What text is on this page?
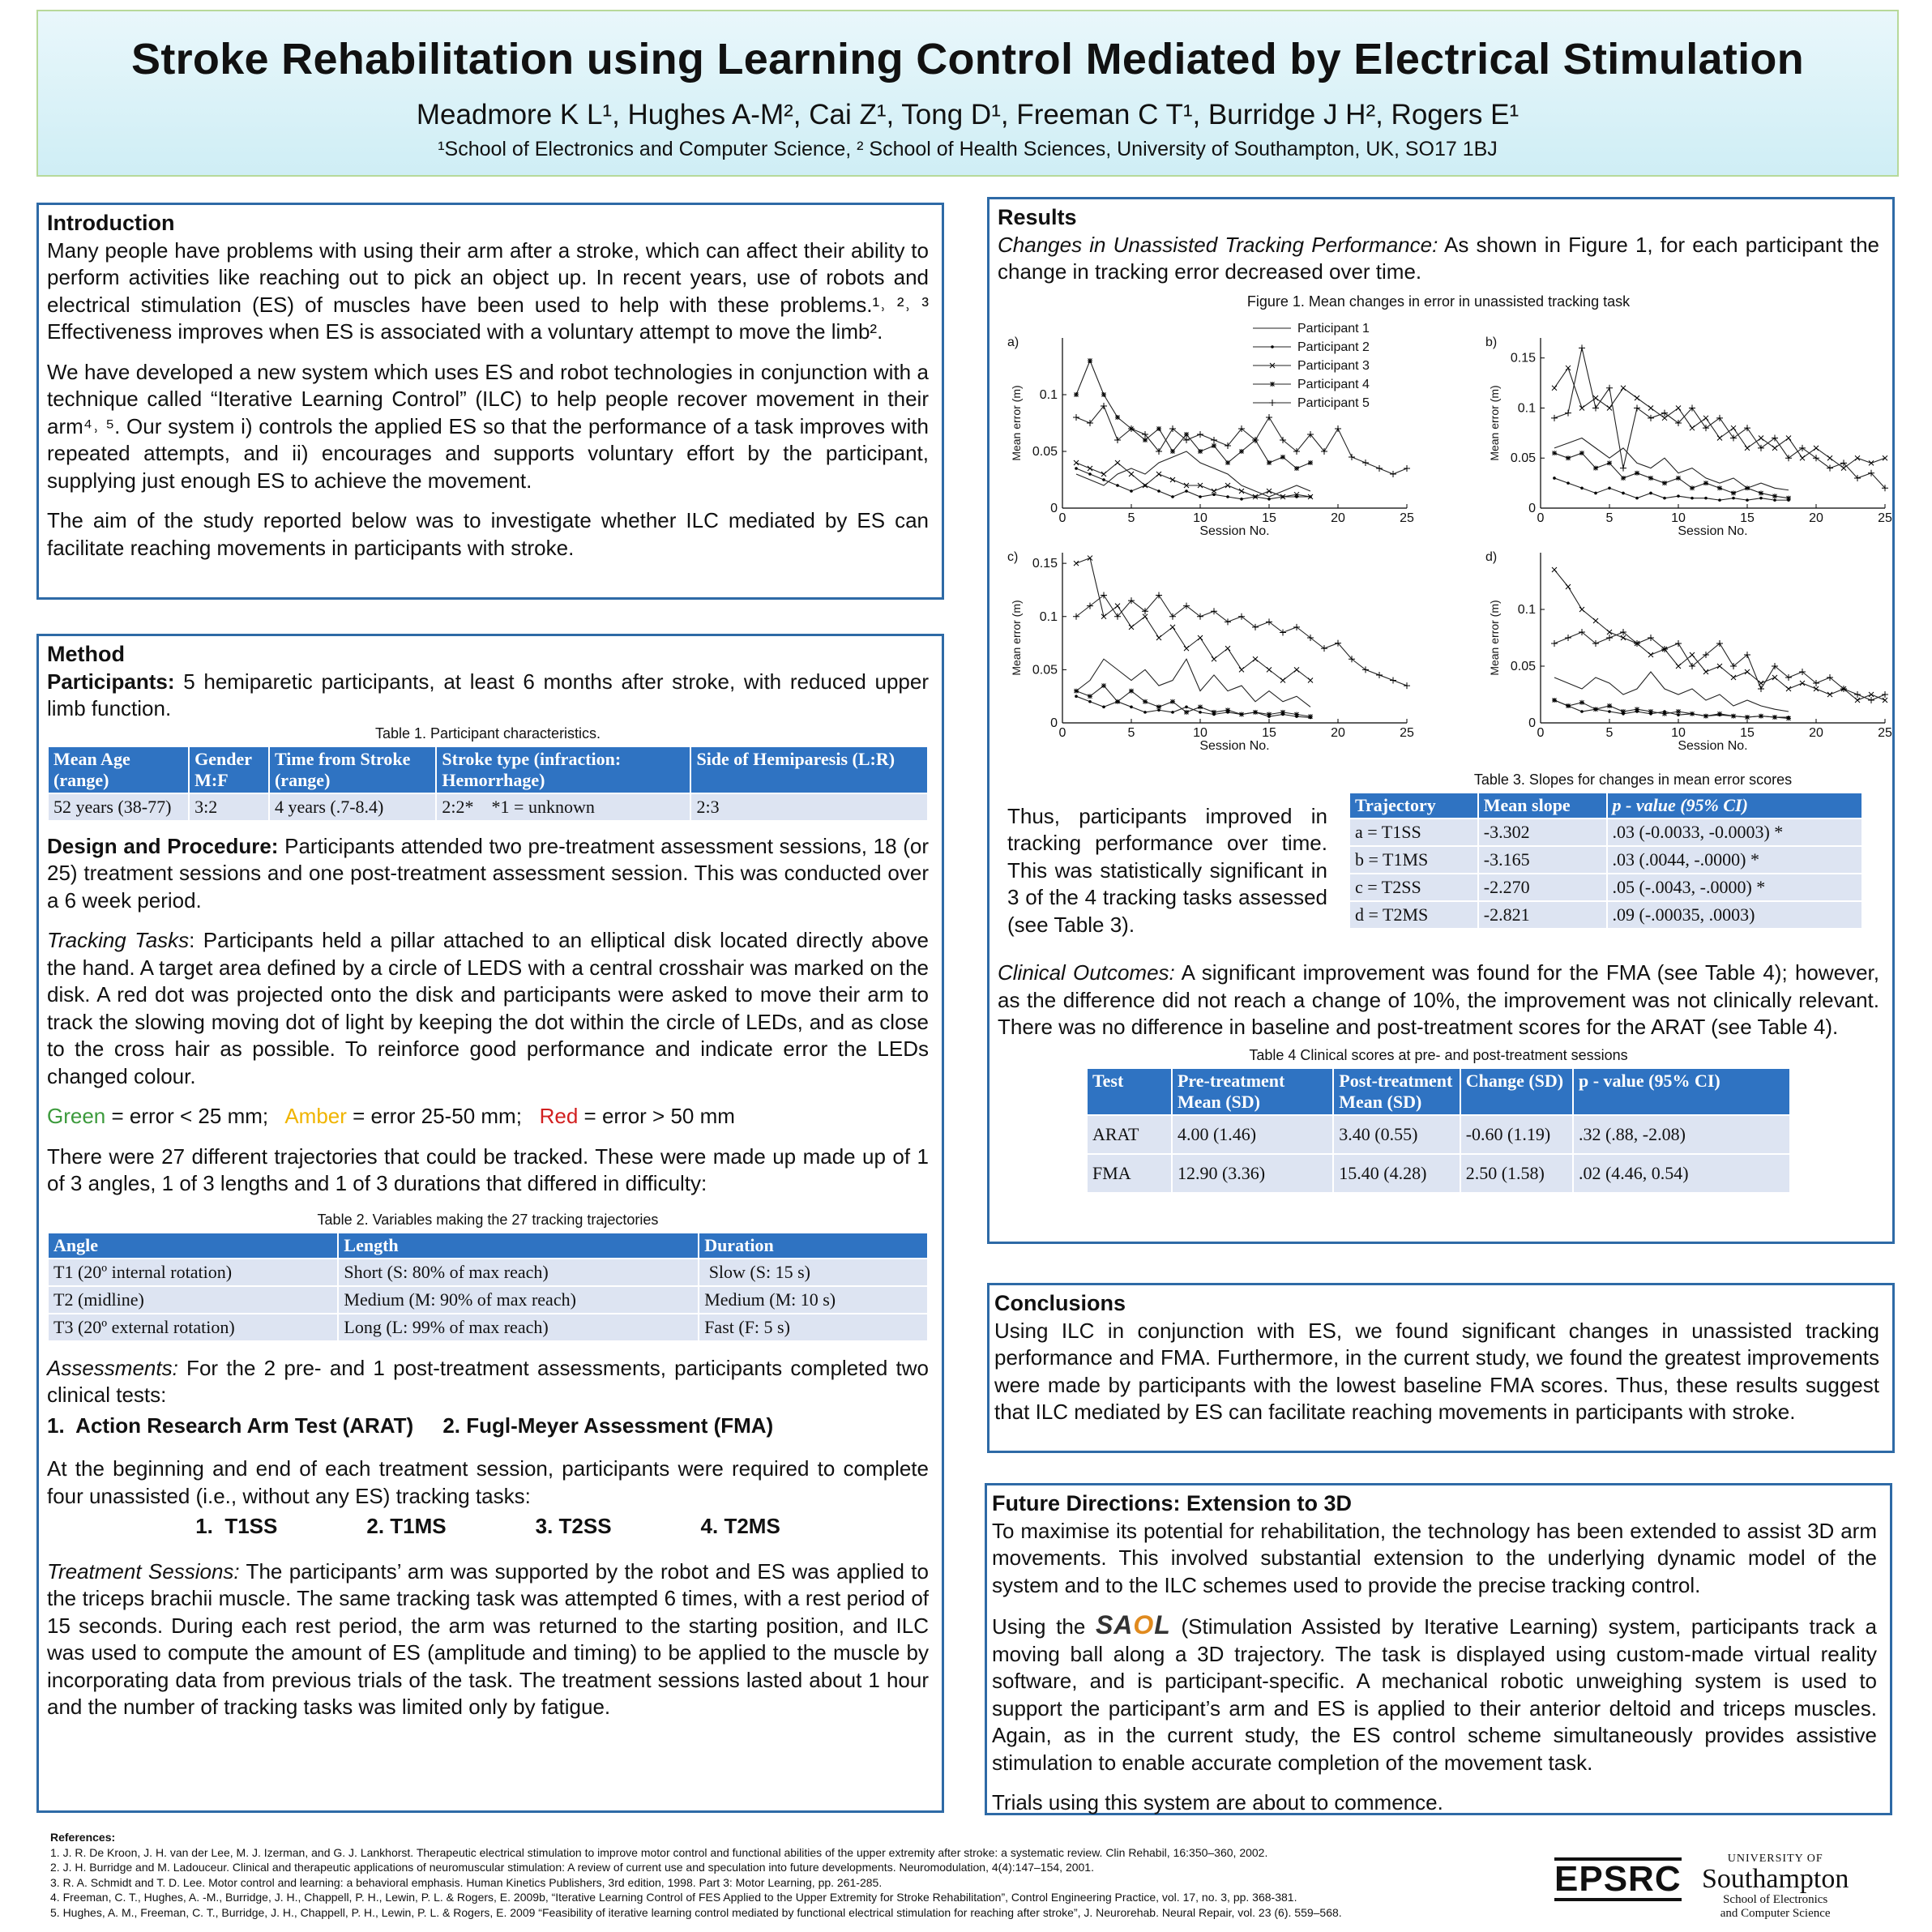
Stroke Rehabilitation using Learning Control Mediated by Electrical Stimulation
Meadmore K L¹, Hughes A-M², Cai Z¹, Tong D¹, Freeman C T¹, Burridge J H², Rogers E¹
¹School of Electronics and Computer Science, ² School of Health Sciences, University of Southampton, UK, SO17 1BJ
Introduction

Many people have problems with using their arm after a stroke, which can affect their ability to perform activities like reaching out to pick an object up. In recent years, use of robots and electrical stimulation (ES) of muscles have been used to help with these problems.¹˒ ²˒ ³ Effectiveness improves when ES is associated with a voluntary attempt to move the limb².

We have developed a new system which uses ES and robot technologies in conjunction with a technique called “Iterative Learning Control” (ILC) to help people recover movement in their arm⁴˒ ⁵. Our system i) controls the applied ES so that the performance of a task improves with repeated attempts, and ii) encourages and supports voluntary effort by the participant, supplying just enough ES to achieve the movement.

The aim of the study reported below was to investigate whether ILC mediated by ES can facilitate reaching movements in participants with stroke.

Method

Participants: 5 hemiparetic participants, at least 6 months after stroke, with reduced upper limb function.

Table 1. Participant characteristics.
Mean Age (range)	Gender M:F	Time from Stroke (range)	Stroke type (infraction: Hemorrhage)	Side of Hemiparesis (L:R)
52 years (38-77)	3:2	4 years (.7-8.4)	2:2*    *1 = unknown	2:3

Design and Procedure: Participants attended two pre-treatment assessment sessions, 18 (or 25) treatment sessions and one post-treatment assessment session. This was conducted over a 6 week period.

Tracking Tasks: Participants held a pillar attached to an elliptical disk located directly above the hand. A target area defined by a circle of LEDS with a central crosshair was marked on the disk. A red dot was projected onto the disk and participants were asked to move their arm to track the slowing moving dot of light by keeping the dot within the circle of LEDs, and as close to the cross hair as possible. To reinforce good performance and indicate error the LEDs changed colour.

Green = error < 25 mm;   Amber = error 25-50 mm;   Red = error > 50 mm

There were 27 different trajectories that could be tracked. These were made up made up of 1 of 3 angles, 1 of 3 lengths and 1 of 3 durations that differed in difficulty:

Table 2. Variables making the 27 tracking trajectories
Angle	Length	Duration
T1 (20º internal rotation)	Short (S: 80% of max reach)	Slow (S: 15 s)
T2 (midline)	Medium (M: 90% of max reach)	Medium (M: 10 s)
T3 (20º external rotation)	Long (L: 99% of max reach)	Fast (F: 5 s)

Assessments: For the 2 pre- and 1 post-treatment assessments, participants completed two clinical tests:

1.  Action Research Arm Test (ARAT)     2. Fugl-Meyer Assessment (FMA)

At the beginning and end of each treatment session, participants were required to complete four unassisted (i.e., without any ES) tracking tasks:

1.  T1SS	2. T1MS	3. T2SS	4. T2MS

Treatment Sessions: The participants’ arm was supported by the robot and ES was applied to the triceps brachii muscle. The same tracking task was attempted 6 times, with a rest period of 15 seconds. During each rest period, the arm was returned to the starting position, and ILC was used to compute the amount of ES (amplitude and timing) to be applied to the muscle by incorporating data from previous trials of the task. The treatment sessions lasted about 1 hour and the number of tracking tasks was limited only by fatigue.

Results

Changes in Unassisted Tracking Performance: As shown in Figure 1, for each participant the change in tracking error decreased over time.

Figure 1. Mean changes in error in unassisted tracking task
a)
0	5	10	15	20	25
0
0.05
0.1
Session No.
Mean error (m)
Participant 1
Participant 2
Participant 3
Participant 4
Participant 5
b)
0	5	10	15	20	25
0
0.05
0.1
0.15
Session No.
Mean error (m)
c)
0	5	10	15	20	25
0
0.05
0.1
0.15
Session No.
Mean error (m)
d)
0	5	10	15	20	25
0
0.05
0.1
Session No.
Mean error (m)
Table 3. Slopes for changes in mean error scores

Thus, participants improved in tracking performance over time. This was statistically significant in 3 of the 4 tracking tasks assessed (see Table 3).

Trajectory	Mean slope	p - value (95% CI)
a = T1SS	-3.302	.03 (-0.0033, -0.0003) *
b = T1MS	-3.165	.03 (.0044, -.0000) *
c = T2SS	-2.270	.05 (-.0043, -.0000) *
d = T2MS	-2.821	.09 (-.00035, .0003)

Clinical Outcomes: A significant improvement was found for the FMA (see Table 4); however, as the difference did not reach a change of 10%, the improvement was not clinically relevant. There was no difference in baseline and post-treatment scores for the ARAT (see Table 4).

Table 4 Clinical scores at pre- and post-treatment sessions
Test	Pre-treatment Mean (SD)	Post-treatment Mean (SD)	Change (SD)	p - value (95% CI)
ARAT	4.00 (1.46)	3.40 (0.55)	-0.60 (1.19)	.32 (.88, -2.08)
FMA	12.90 (3.36)	15.40 (4.28)	2.50 (1.58)	.02 (4.46, 0.54)
Conclusions

Using ILC in conjunction with ES, we found significant changes in unassisted tracking performance and FMA. Furthermore, in the current study, we found the greatest improvements were made by participants with the lowest baseline FMA scores. Thus, these results suggest that ILC mediated by ES can facilitate reaching movements in participants with stroke.

Future Directions: Extension to 3D

To maximise its potential for rehabilitation, the technology has been extended to assist 3D arm movements. This involved substantial extension to the underlying dynamic model of the system and to the ILC schemes used to provide the precise tracking control.

Using the SAOL (Stimulation Assisted by Iterative Learning) system, participants track a moving ball along a 3D trajectory. The task is displayed using custom-made virtual reality software, and is participant-specific. A mechanical robotic unweighing system is used to support the participant’s arm and ES is applied to their anterior deltoid and triceps muscles. Again, as in the current study, the ES control scheme simultaneously provides assistive stimulation to enable accurate completion of the movement task.

Trials using this system are about to commence.

References:
1. J. R. De Kroon, J. H. van der Lee, M. J. Izerman, and G. J. Lankhorst. Therapeutic electrical stimulation to improve motor control and functional abilities of the upper extremity after stroke: a systematic review. Clin Rehabil, 16:350–360, 2002.
2. J. H. Burridge and M. Ladouceur. Clinical and therapeutic applications of neuromuscular stimulation: A review of current use and speculation into future developments. Neuromodulation, 4(4):147–154, 2001.
3. R. A. Schmidt and T. D. Lee. Motor control and learning: a behavioral emphasis. Human Kinetics Publishers, 3rd edition, 1998. Part 3: Motor Learning, pp. 261-285.
4. Freeman, C. T., Hughes, A. -M., Burridge, J. H., Chappell, P. H., Lewin, P. L. & Rogers, E. 2009b, “Iterative Learning Control of FES Applied to the Upper Extremity for Stroke Rehabilitation”, Control Engineering Practice, vol. 17, no. 3, pp. 368-381.
5. Hughes, A. M., Freeman, C. T., Burridge, J. H., Chappell, P. H., Lewin, P. L. & Rogers, E. 2009 “Feasibility of iterative learning control mediated by functional electrical stimulation for reaching after stroke”, J. Neurorehab. Neural Repair, vol. 23 (6). 559–568.
EPSRC
UNIVERSITY OF
Southampton
School of Electronics
and Computer Science
